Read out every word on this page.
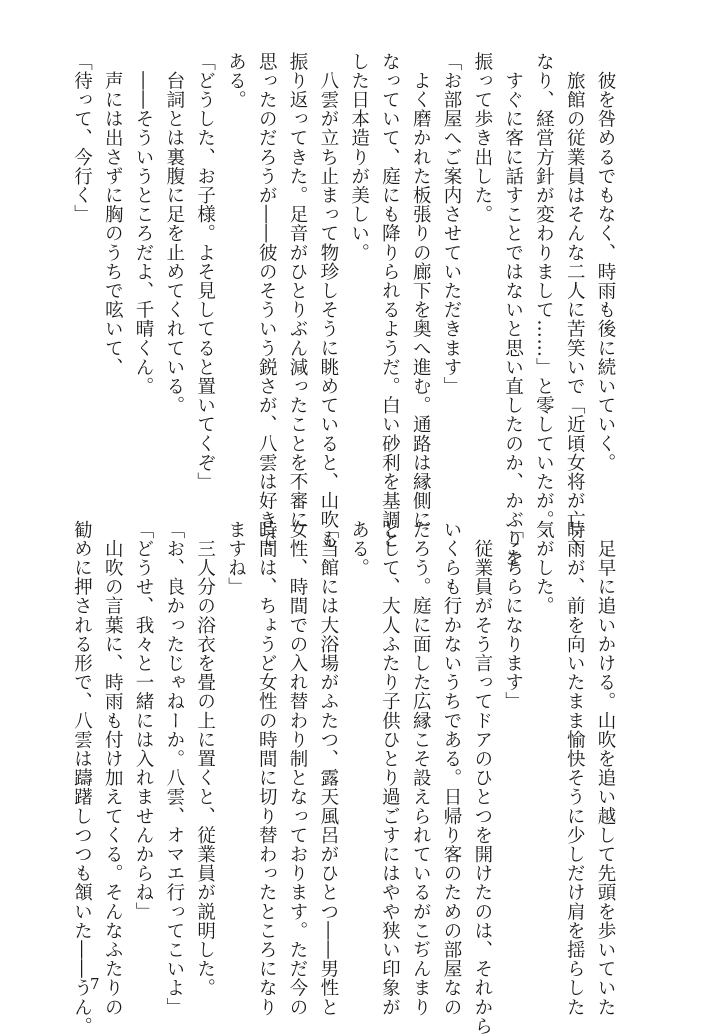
　彼を咎めるでもなく、時雨も後に続いていく。

　旅館の従業員はそんな二人に苦笑いで「近頃女将が亡く

なり、経営方針が変わりまして……」と零していたが。

　すぐに客に話すことではないと思い直したのか、かぶりを

振って歩き出した。

「お部屋へご案内させていただきます」

　よく磨かれた板張りの廊下を奥へ進む。通路は縁側に

なっていて、庭にも降りられるようだ。白い砂利を基調と

した日本造りが美しい。

　八雲が立ち止まって物珍しそうに眺めていると、山吹も

振り返ってきた。足音がひとりぶん減ったことを不審に

思ったのだろうが――彼のそういう鋭さが、八雲は好きで

ある。

「どうした、お子様。よそ見してると置いてくぞ」

　台詞とは裏腹に足を止めてくれている。

　――そういうところだよ、千晴くん。

　声には出さずに胸のうちで呟いて、

「待って、今行く」

　足早に追いかける。山吹を追い越して先頭を歩いていた

時雨が、前を向いたまま愉快そうに少しだけ肩を揺らした

気がした。

「こちらになります」

　従業員がそう言ってドアのひとつを開けたのは、それから

いくらも行かないうちである。日帰り客のための部屋なの

だろう。庭に面した広縁こそ設えられているがこぢんまり

として、大人ふたり子供ひとり過ごすにはやや狭い印象が

ある。

「当館には大浴場がふたつ、露天風呂がひとつ――男性と

女性、時間での入れ替わり制となっております。ただ今の

時間は、ちょうど女性の時間に切り替わったところになり

ますね」

　三人分の浴衣を畳の上に置くと、従業員が説明した。

「お、良かったじゃねーか。八雲、オマエ行ってこいよ」

「どうせ、我々と一緒には入れませんからね」

　山吹の言葉に、時雨も付け加えてくる。そんなふたりの

勧めに押される形で、八雲は躊躇しつつも頷いた――うん。

7
